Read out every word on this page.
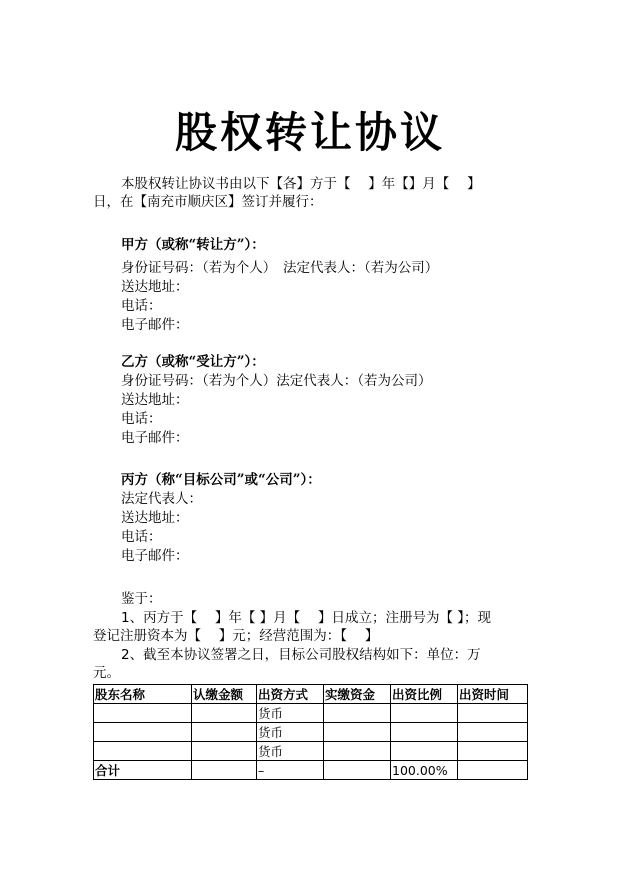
股权转让协议
本股权转让协议书由以下【各】方于【　 】年【】月【　 】
日，在【南充市顺庆区】签订并履行：
甲方（或称“转让方”）：
身份证号码：（若为个人）　法定代表人：（若为公司）
送达地址：
电话：
电子邮件：
乙方（或称“受让方”）：
身份证号码：（若为个人）法定代表人：（若为公司）
送达地址：
电话：
电子邮件：
丙方（称“目标公司”或“公司”）：
法定代表人：
送达地址：
电话：
电子邮件：
鉴于：
1、丙方于【　 】年【 】月【　 】日成立；注册号为【 】；现
登记注册资本为【　 】元；经营范围为：【　 】
2、截至本协议签署之日，目标公司股权结构如下：单位：万
元。
股东名称	认缴金额	出资方式	实缴资金	出资比例	出资时间
		货币			
		货币			
		货币			
合计		–		100.00%	
